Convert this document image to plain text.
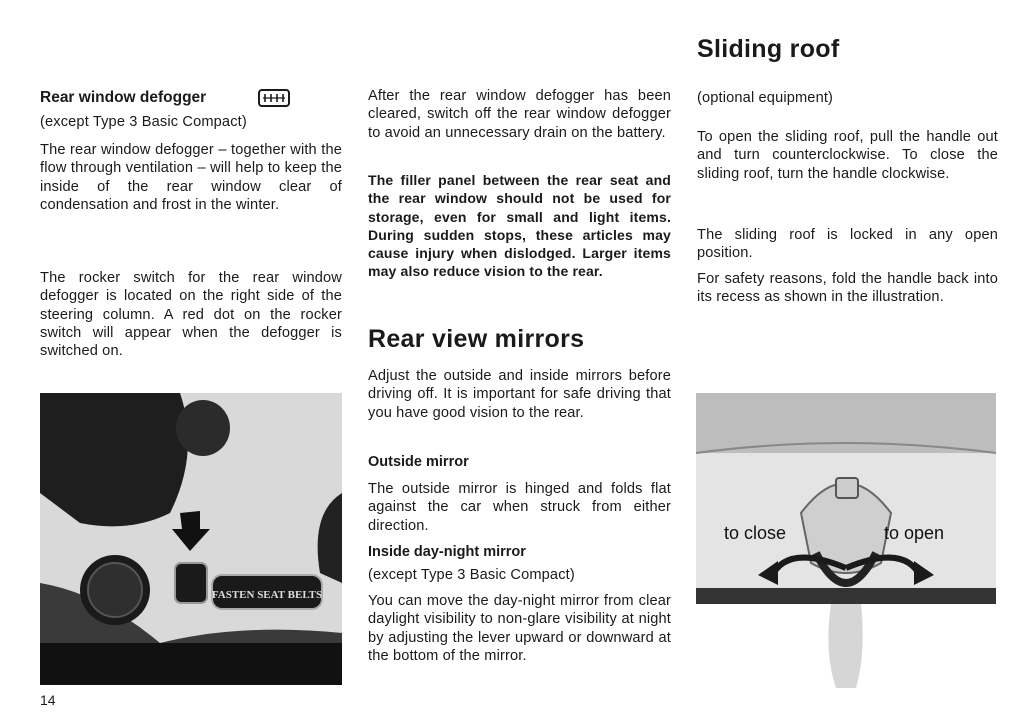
Rear window defogger

(except Type 3 Basic Compact)

The rear window defogger – together with the flow through ventilation – will help to keep the inside of the rear window clear of condensation and frost in the winter.

The rocker switch for the rear window defogger is located on the right side of the steering column. A red dot on the rocker switch will appear when the defogger is switched on.

FASTEN SEAT BELTS

After the rear window defogger has been cleared, switch off the rear window defogger to avoid an unnecessary drain on the battery.

The filler panel between the rear seat and the rear window should not be used for storage, even for small and light items. During sudden stops, these articles may cause injury when dislodged. Larger items may also reduce vision to the rear.

Rear view mirrors

Adjust the outside and inside mirrors before driving off. It is important for safe driving that you have good vision to the rear.

Outside mirror

The outside mirror is hinged and folds flat against the car when struck from either direction.

Inside day-night mirror

(except Type 3 Basic Compact)

You can move the day-night mirror from clear daylight visibility to non-glare visibility at night by adjusting the lever upward or downward at the bottom of the mirror.

Sliding roof

(optional equipment)

To open the sliding roof, pull the handle out and turn counterclockwise. To close the sliding roof, turn the handle clockwise.

The sliding roof is locked in any open position.

For safety reasons, fold the handle back into its recess as shown in the illustration.

to close	to open
14
